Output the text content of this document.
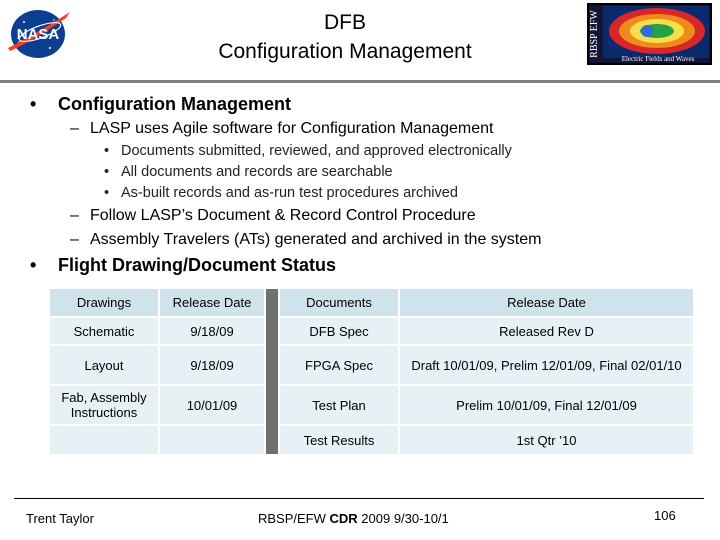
NASA
DFB
Configuration Management	RBSP EFW
Electric Fields and Waves
• Configuration Management
– LASP uses Agile software for Configuration Management
• Documents submitted, reviewed, and approved electronically
• All documents and records are searchable
• As-built records and as-run test procedures archived
– Follow LASP’s Document & Record Control Procedure
– Assembly Travelers (ATs) generated and archived in the system
• Flight Drawing/Document Status
Drawings	Release Date		Documents	Release Date
Schematic	9/18/09		DFB Spec	Released Rev D
Layout	9/18/09		FPGA Spec	Draft 10/01/09, Prelim 12/01/09, Final 02/01/10
Fab, Assembly Instructions	10/01/09		Test Plan	Prelim 10/01/09, Final 12/01/09
			Test Results	1st Qtr ’10
Trent Taylor	RBSP/EFW CDR 2009 9/30-10/1	106
